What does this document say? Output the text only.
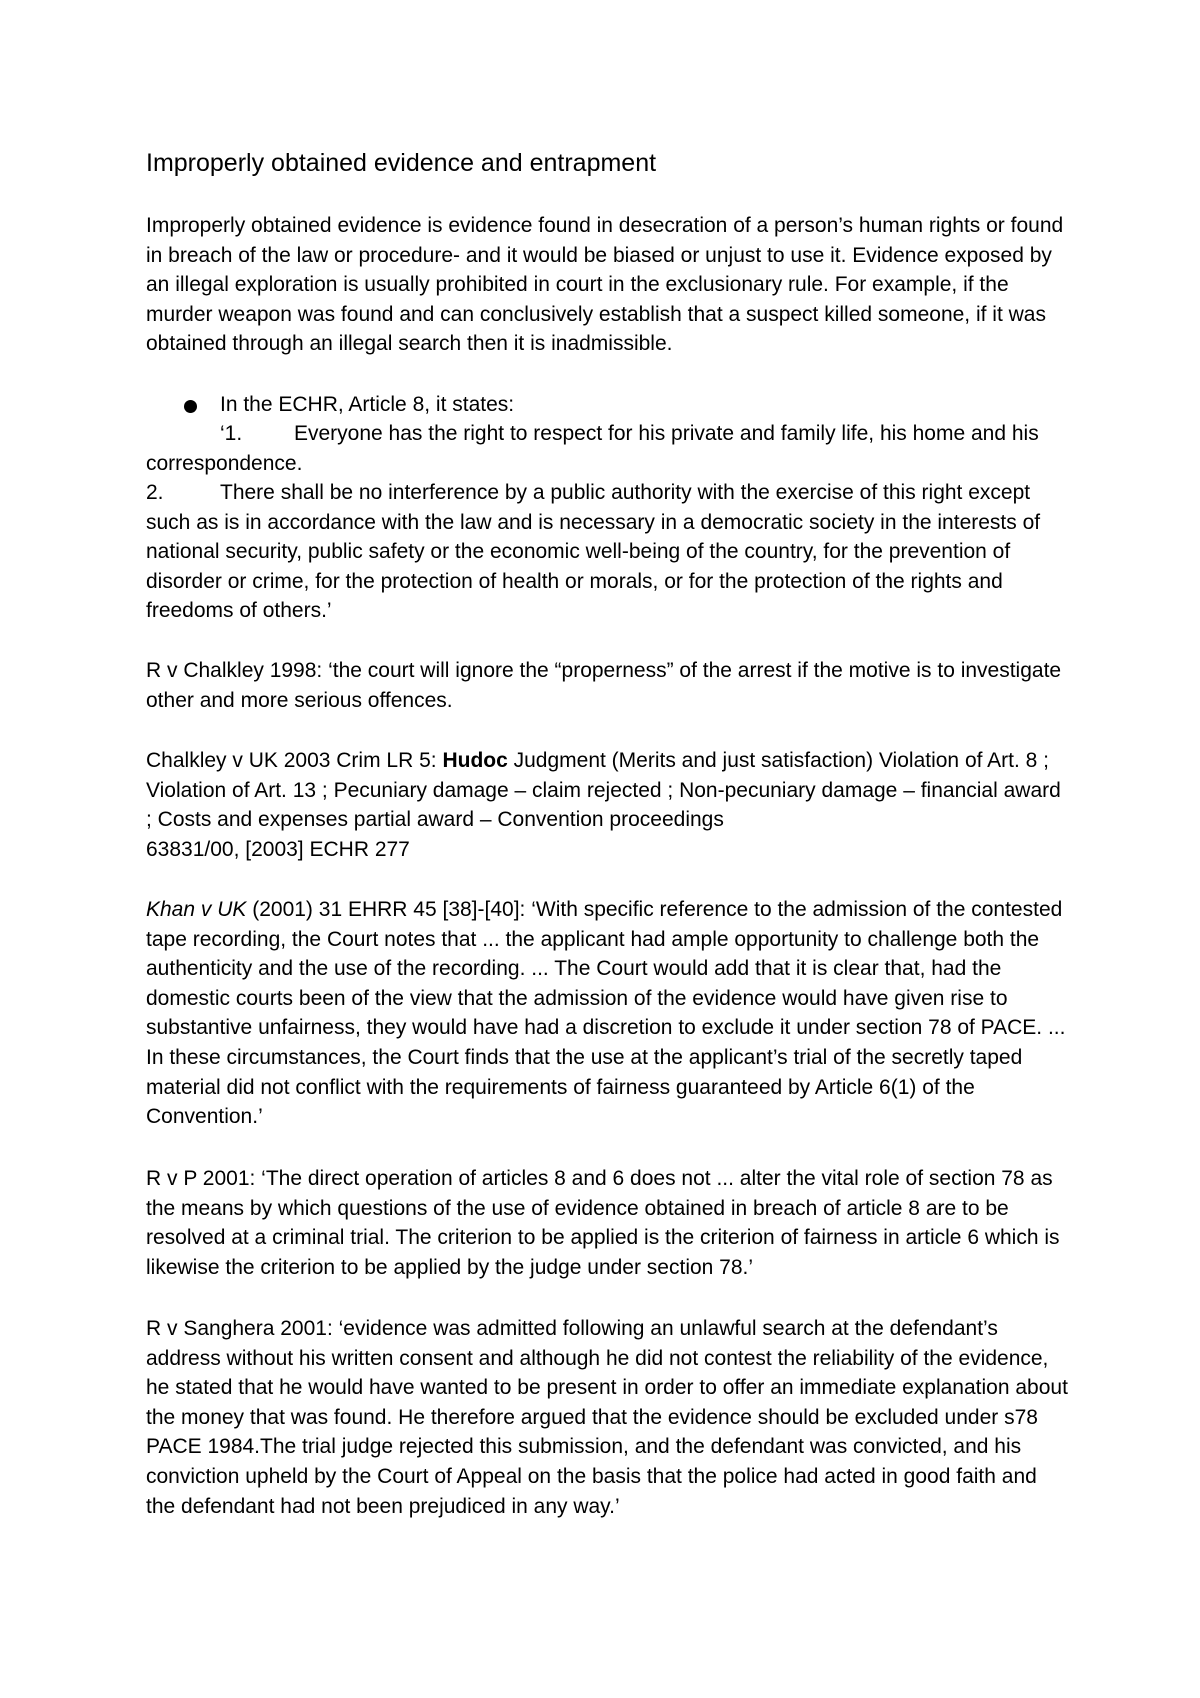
Improperly obtained evidence and entrapment

Improperly obtained evidence is evidence found in desecration of a person’s human rights or found in breach of the law or procedure- and it would be biased or unjust to use it. Evidence exposed by an illegal exploration is usually prohibited in court in the exclusionary rule. For example, if the murder weapon was found and can conclusively establish that a suspect killed someone, if it was obtained through an illegal search then it is inadmissible.

In the ECHR, Article 8, it states:
‘1. Everyone has the right to respect for his private and family life, his home and his correspondence.
2.	There shall be no interference by a public authority with the exercise of this right except such as is in accordance with the law and is necessary in a democratic society in the interests of national security, public safety or the economic well-being of the country, for the prevention of disorder or crime, for the protection of health or morals, or for the protection of the rights and freedoms of others.’

R v Chalkley 1998: ‘the court will ignore the “properness” of the arrest if the motive is to investigate other and more serious offences.

Chalkley v UK 2003 Crim LR 5: Hudoc Judgment (Merits and just satisfaction) Violation of Art. 8 ; Violation of Art. 13 ; Pecuniary damage – claim rejected ; Non-pecuniary damage – financial award ; Costs and expenses partial award – Convention proceedings
63831/00, [2003] ECHR 277

Khan v UK (2001) 31 EHRR 45 [38]-[40]: ‘With specific reference to the admission of the contested tape recording, the Court notes that ... the applicant had ample opportunity to challenge both the authenticity and the use of the recording. ... The Court would add that it is clear that, had the domestic courts been of the view that the admission of the evidence would have given rise to substantive unfairness, they would have had a discretion to exclude it under section 78 of PACE. ... In these circumstances, the Court finds that the use at the applicant’s trial of the secretly taped material did not conflict with the requirements of fairness guaranteed by Article 6(1) of the Convention.’

R v P 2001: ‘The direct operation of articles 8 and 6 does not ... alter the vital role of section 78 as the means by which questions of the use of evidence obtained in breach of article 8 are to be resolved at a criminal trial. The criterion to be applied is the criterion of fairness in article 6 which is likewise the criterion to be applied by the judge under section 78.’

R v Sanghera 2001: ‘evidence was admitted following an unlawful search at the defendant’s address without his written consent and although he did not contest the reliability of the evidence, he stated that he would have wanted to be present in order to offer an immediate explanation about the money that was found. He therefore argued that the evidence should be excluded under s78 PACE 1984.The trial judge rejected this submission, and the defendant was convicted, and his conviction upheld by the Court of Appeal on the basis that the police had acted in good faith and the defendant had not been prejudiced in any way.’
